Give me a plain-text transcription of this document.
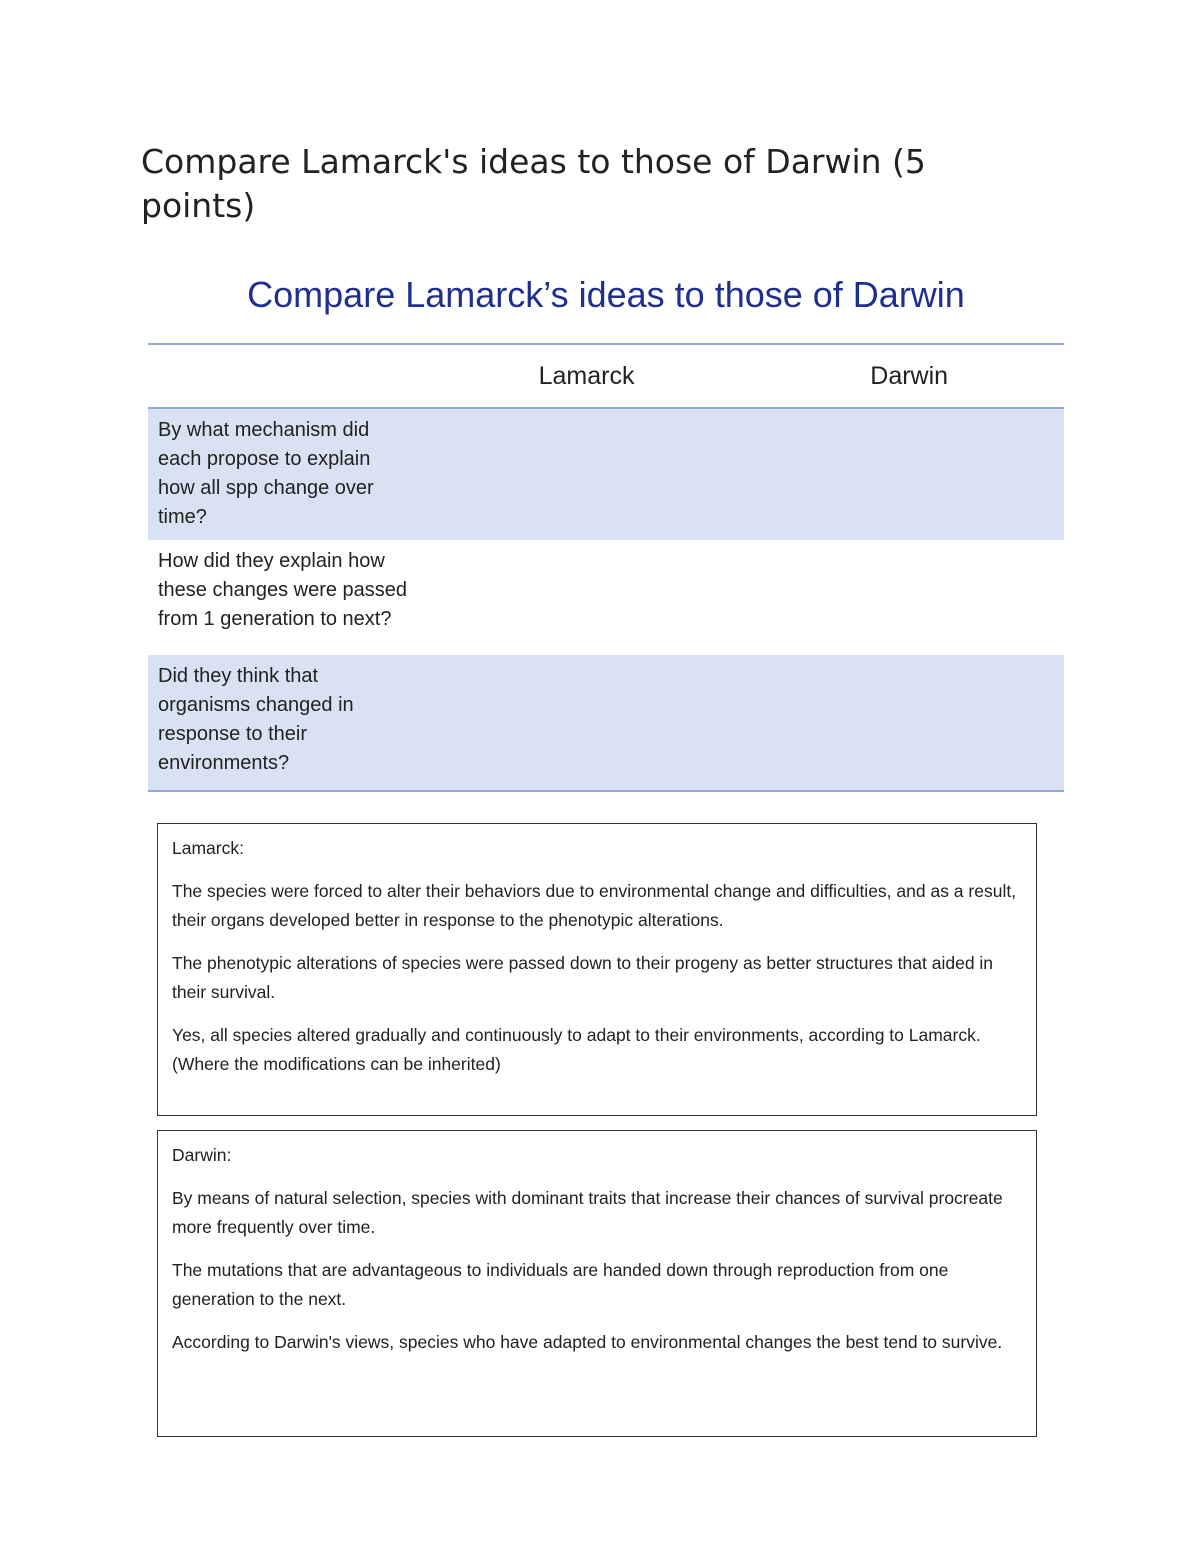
Compare Lamarck's ideas to those of Darwin (5 points)
Compare Lamarck’s ideas to those of Darwin
	Lamarck	Darwin
By what mechanism did each propose to explain how all spp change over time?		
How did they explain how these changes were passed from 1 generation to next?		
Did they think that organisms changed in response to their environments?		

Lamarck:

The species were forced to alter their behaviors due to environmental change and difficulties, and as a result, their organs developed better in response to the phenotypic alterations.

The phenotypic alterations of species were passed down to their progeny as better structures that aided in their survival.

Yes, all species altered gradually and continuously to adapt to their environments, according to Lamarck. (Where the modifications can be inherited)

Darwin:

By means of natural selection, species with dominant traits that increase their chances of survival procreate more frequently over time.

The mutations that are advantageous to individuals are handed down through reproduction from one generation to the next.

According to Darwin's views, species who have adapted to environmental changes the best tend to survive.
